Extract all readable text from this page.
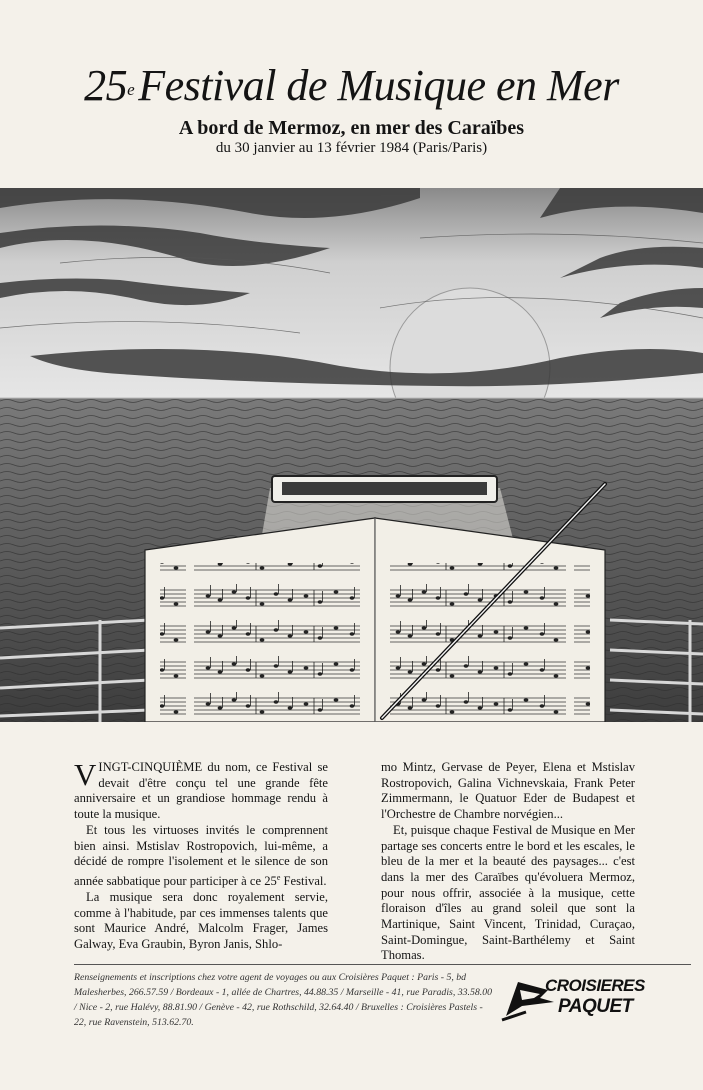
25eFestival de Musique en Mer
A bord de Mermoz, en mer des Caraïbes
du 30 janvier au 13 février 1984 (Paris/Paris)

VINGT-CINQUIÈME du nom, ce Festival se devait d'être conçu tel une grande fête anniversaire et un grandiose hommage rendu à toute la musique.

Et tous les virtuoses invités le comprennent bien ainsi. Mstislav Rostropovich, lui-même, a décidé de rompre l'isolement et le silence de son année sabbatique pour participer à ce 25e Festival.

La musique sera donc royalement servie, comme à l'habitude, par ces immenses talents que sont Maurice André, Malcolm Frager, James Galway, Eva Graubin, Byron Janis, Shlo-

mo Mintz, Gervase de Peyer, Elena et Mstislav Rostropovich, Galina Vichnevskaia, Frank Peter Zimmermann, le Quatuor Eder de Budapest et l'Orchestre de Chambre norvégien...

Et, puisque chaque Festival de Musique en Mer partage ses concerts entre le bord et les escales, le bleu de la mer et la beauté des paysages... c'est dans la mer des Caraïbes qu'évoluera Mermoz, pour nous offrir, associée à la musique, cette floraison d'îles au grand soleil que sont la Martinique, Saint Vincent, Trinidad, Curaçao, Saint-Domingue, Saint-Barthélemy et Saint Thomas.

Renseignements et inscriptions chez votre agent de voyages ou aux Croisières Paquet : Paris - 5, bd Malesherbes, 266.57.59 / Bordeaux - 1, allée de Chartres, 44.88.35 / Marseille - 41, rue Paradis, 33.58.00 / Nice - 2, rue Halévy, 88.81.90 / Genève - 42, rue Rothschild, 32.64.40 / Bruxelles : Croisières Pastels - 22, rue Ravenstein, 513.62.70.
CROISIERES
PAQUET
